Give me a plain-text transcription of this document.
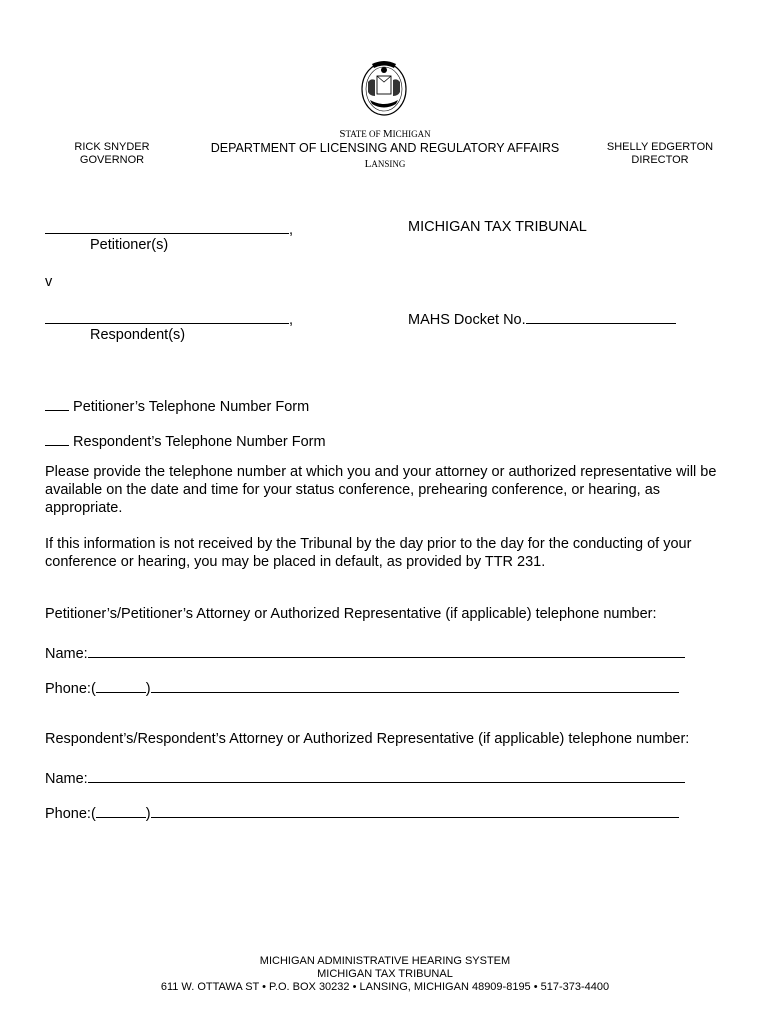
RICK SNYDER
GOVERNOR
STATE OF MICHIGAN
DEPARTMENT OF LICENSING AND REGULATORY AFFAIRS
LANSING
SHELLY EDGERTON
DIRECTOR
,
Petitioner(s)
MICHIGAN TAX TRIBUNAL
v
,
Respondent(s)
MAHS Docket No.
Petitioner’s Telephone Number Form
Respondent’s Telephone Number Form
Please provide the telephone number at which you and your attorney or authorized representative will be available on the date and time for your status conference, prehearing conference, or hearing, as appropriate.
If this information is not received by the Tribunal by the day prior to the day for the conducting of your conference or hearing, you may be placed in default, as provided by TTR 231.
Petitioner’s/Petitioner’s Attorney or Authorized Representative (if applicable) telephone number:
Name:
Phone:(	)
Respondent’s/Respondent’s Attorney or Authorized Representative (if applicable) telephone number:
Name:
Phone:(	)
MICHIGAN ADMINISTRATIVE HEARING SYSTEM
MICHIGAN TAX TRIBUNAL
611 W. OTTAWA ST • P.O. BOX 30232 • LANSING, MICHIGAN 48909-8195 • 517-373-4400
